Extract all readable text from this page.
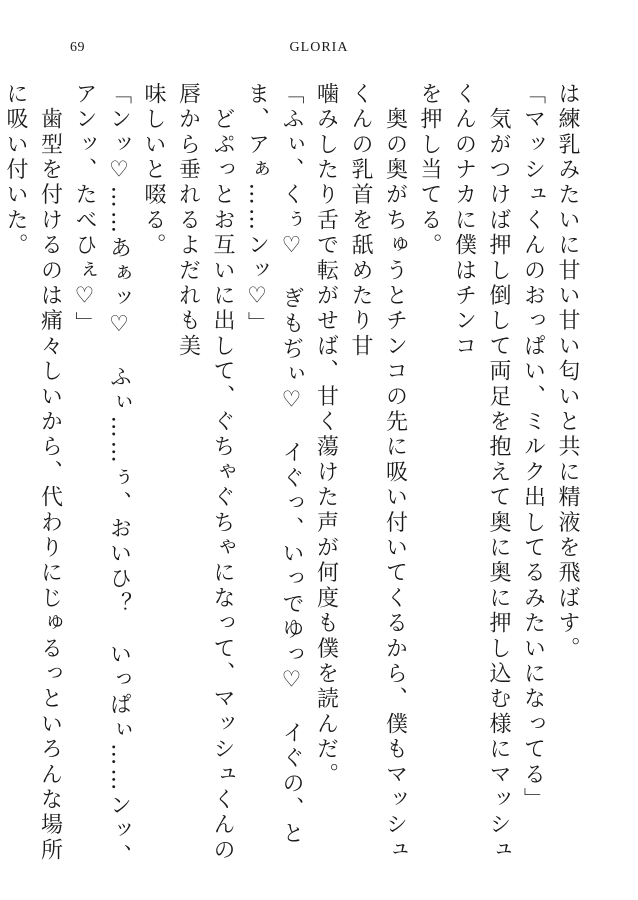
69	GLORIA

は練乳みたいに甘い甘い匂いと共に精液を飛ばす。

「マッシュくんのおっぱい、ミルク出してるみたいになってる」

　気がつけば押し倒して両足を抱えて奥に奥に押し込む様にマッシュくんのナカに僕はチンコ

を押し当てる。

　奥の奥がちゅうとチンコの先に吸い付いてくるから、僕もマッシュくんの乳首を舐めたり甘

噛みしたり舌で転がせば、甘く蕩けた声が何度も僕を読んだ。

「ふぃ、くぅ♡　ぎもぢぃ♡　イぐっ、いっでゆっ♡　イぐの、とま、アぁ……ンッ♡」

　どぷっとお互いに出して、ぐちゃぐちゃになって、マッシュくんの唇から垂れるよだれも美

味しいと啜る。

「ンッ♡……あぁッ♡　ふぃ……ぅ、おいひ？　いっぱぃ……ンッ、アンッ、たべひぇ♡」

　歯型を付けるのは痛々しいから、代わりにじゅるっといろんな場所に吸い付いた。
